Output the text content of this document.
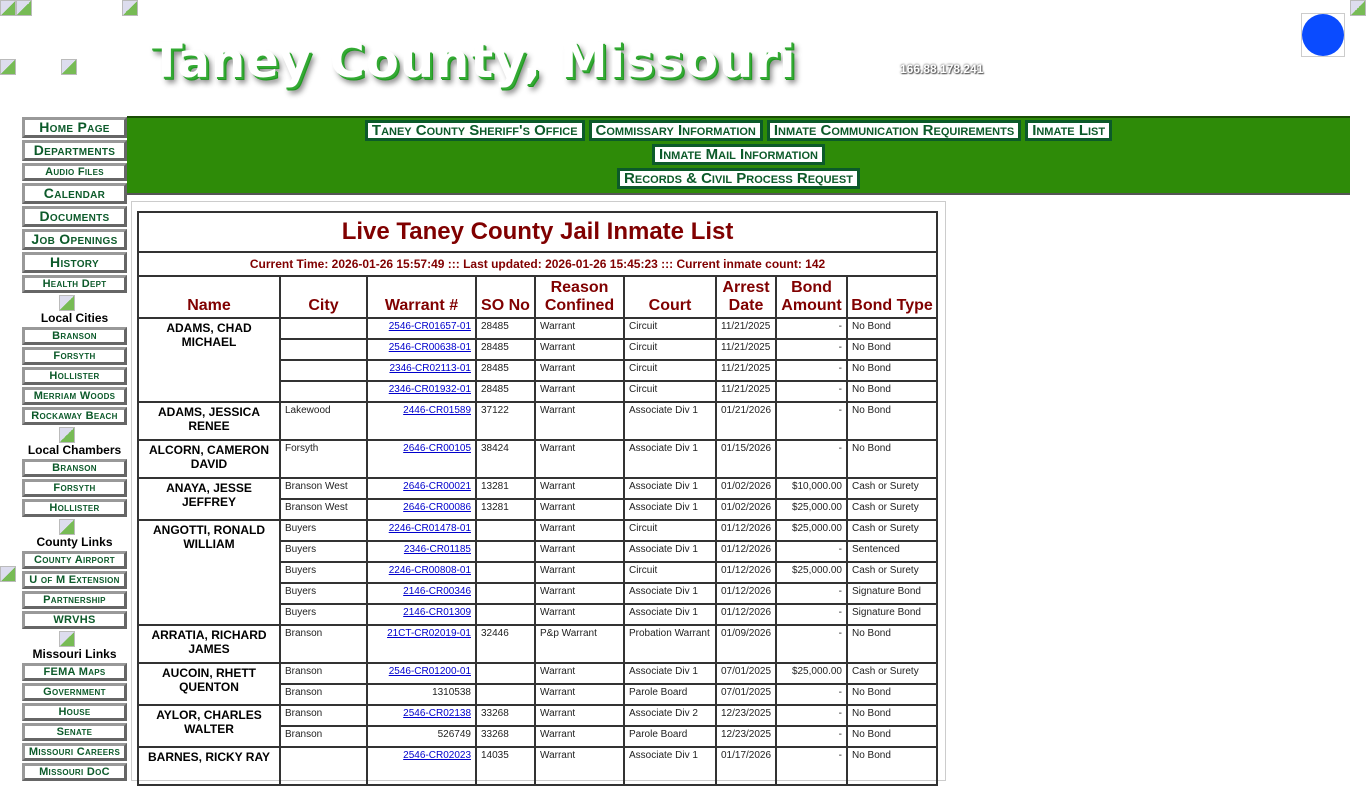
Taney County, Missouri	166.88.178.241
Taney County Sheriff's Office Commissary Information Inmate Communication Requirements Inmate List
Inmate Mail Information
Records & Civil Process Request
Home Page
Departments
Audio Files
Calendar
Documents
Job Openings
History
Health Dept
Local Cities
Branson
Forsyth
Hollister
Merriam Woods
Rockaway Beach
Local Chambers
Branson
Forsyth
Hollister
County Links
County Airport
U of M Extension
Partnership
WRVHS
Missouri Links
FEMA Maps
Government
House
Senate
Missouri Careers
Missouri DoC
Live Taney County Jail Inmate List								
Current Time: 2026-01-26 15:57:49 ::: Last updated: 2026-01-26 15:45:23 ::: Current inmate count: 142								
Name	City	Warrant #	SO No	Reason Confined	Court	Arrest Date	Bond Amount	Bond Type
ADAMS, CHAD MICHAEL		2546-CR01657-01	28485	Warrant	Circuit	11/21/2025	-	No Bond
		2546-CR00638-01	28485	Warrant	Circuit	11/21/2025	-	No Bond
		2346-CR02113-01	28485	Warrant	Circuit	11/21/2025	-	No Bond
		2346-CR01932-01	28485	Warrant	Circuit	11/21/2025	-	No Bond
ADAMS, JESSICA RENEE	Lakewood	2446-CR01589	37122	Warrant	Associate Div 1	01/21/2026	-	No Bond
ALCORN, CAMERON DAVID	Forsyth	2646-CR00105	38424	Warrant	Associate Div 1	01/15/2026	-	No Bond
ANAYA, JESSE JEFFREY	Branson West	2646-CR00021	13281	Warrant	Associate Div 1	01/02/2026	$10,000.00	Cash or Surety
	Branson West	2646-CR00086	13281	Warrant	Associate Div 1	01/02/2026	$25,000.00	Cash or Surety
ANGOTTI, RONALD WILLIAM	Buyers	2246-CR01478-01		Warrant	Circuit	01/12/2026	$25,000.00	Cash or Surety
	Buyers	2346-CR01185		Warrant	Associate Div 1	01/12/2026	-	Sentenced
	Buyers	2246-CR00808-01		Warrant	Circuit	01/12/2026	$25,000.00	Cash or Surety
	Buyers	2146-CR00346		Warrant	Associate Div 1	01/12/2026	-	Signature Bond
	Buyers	2146-CR01309		Warrant	Associate Div 1	01/12/2026	-	Signature Bond
ARRATIA, RICHARD JAMES	Branson	21CT-CR02019-01	32446	P&p Warrant	Probation Warrant	01/09/2026	-	No Bond
AUCOIN, RHETT QUENTON	Branson	2546-CR01200-01		Warrant	Associate Div 1	07/01/2025	$25,000.00	Cash or Surety
	Branson	1310538		Warrant	Parole Board	07/01/2025	-	No Bond
AYLOR, CHARLES WALTER	Branson	2546-CR02138	33268	Warrant	Associate Div 2	12/23/2025	-	No Bond
	Branson	526749	33268	Warrant	Parole Board	12/23/2025	-	No Bond
BARNES, RICKY RAY		2546-CR02023	14035	Warrant	Associate Div 1	01/17/2026	-	No Bond
